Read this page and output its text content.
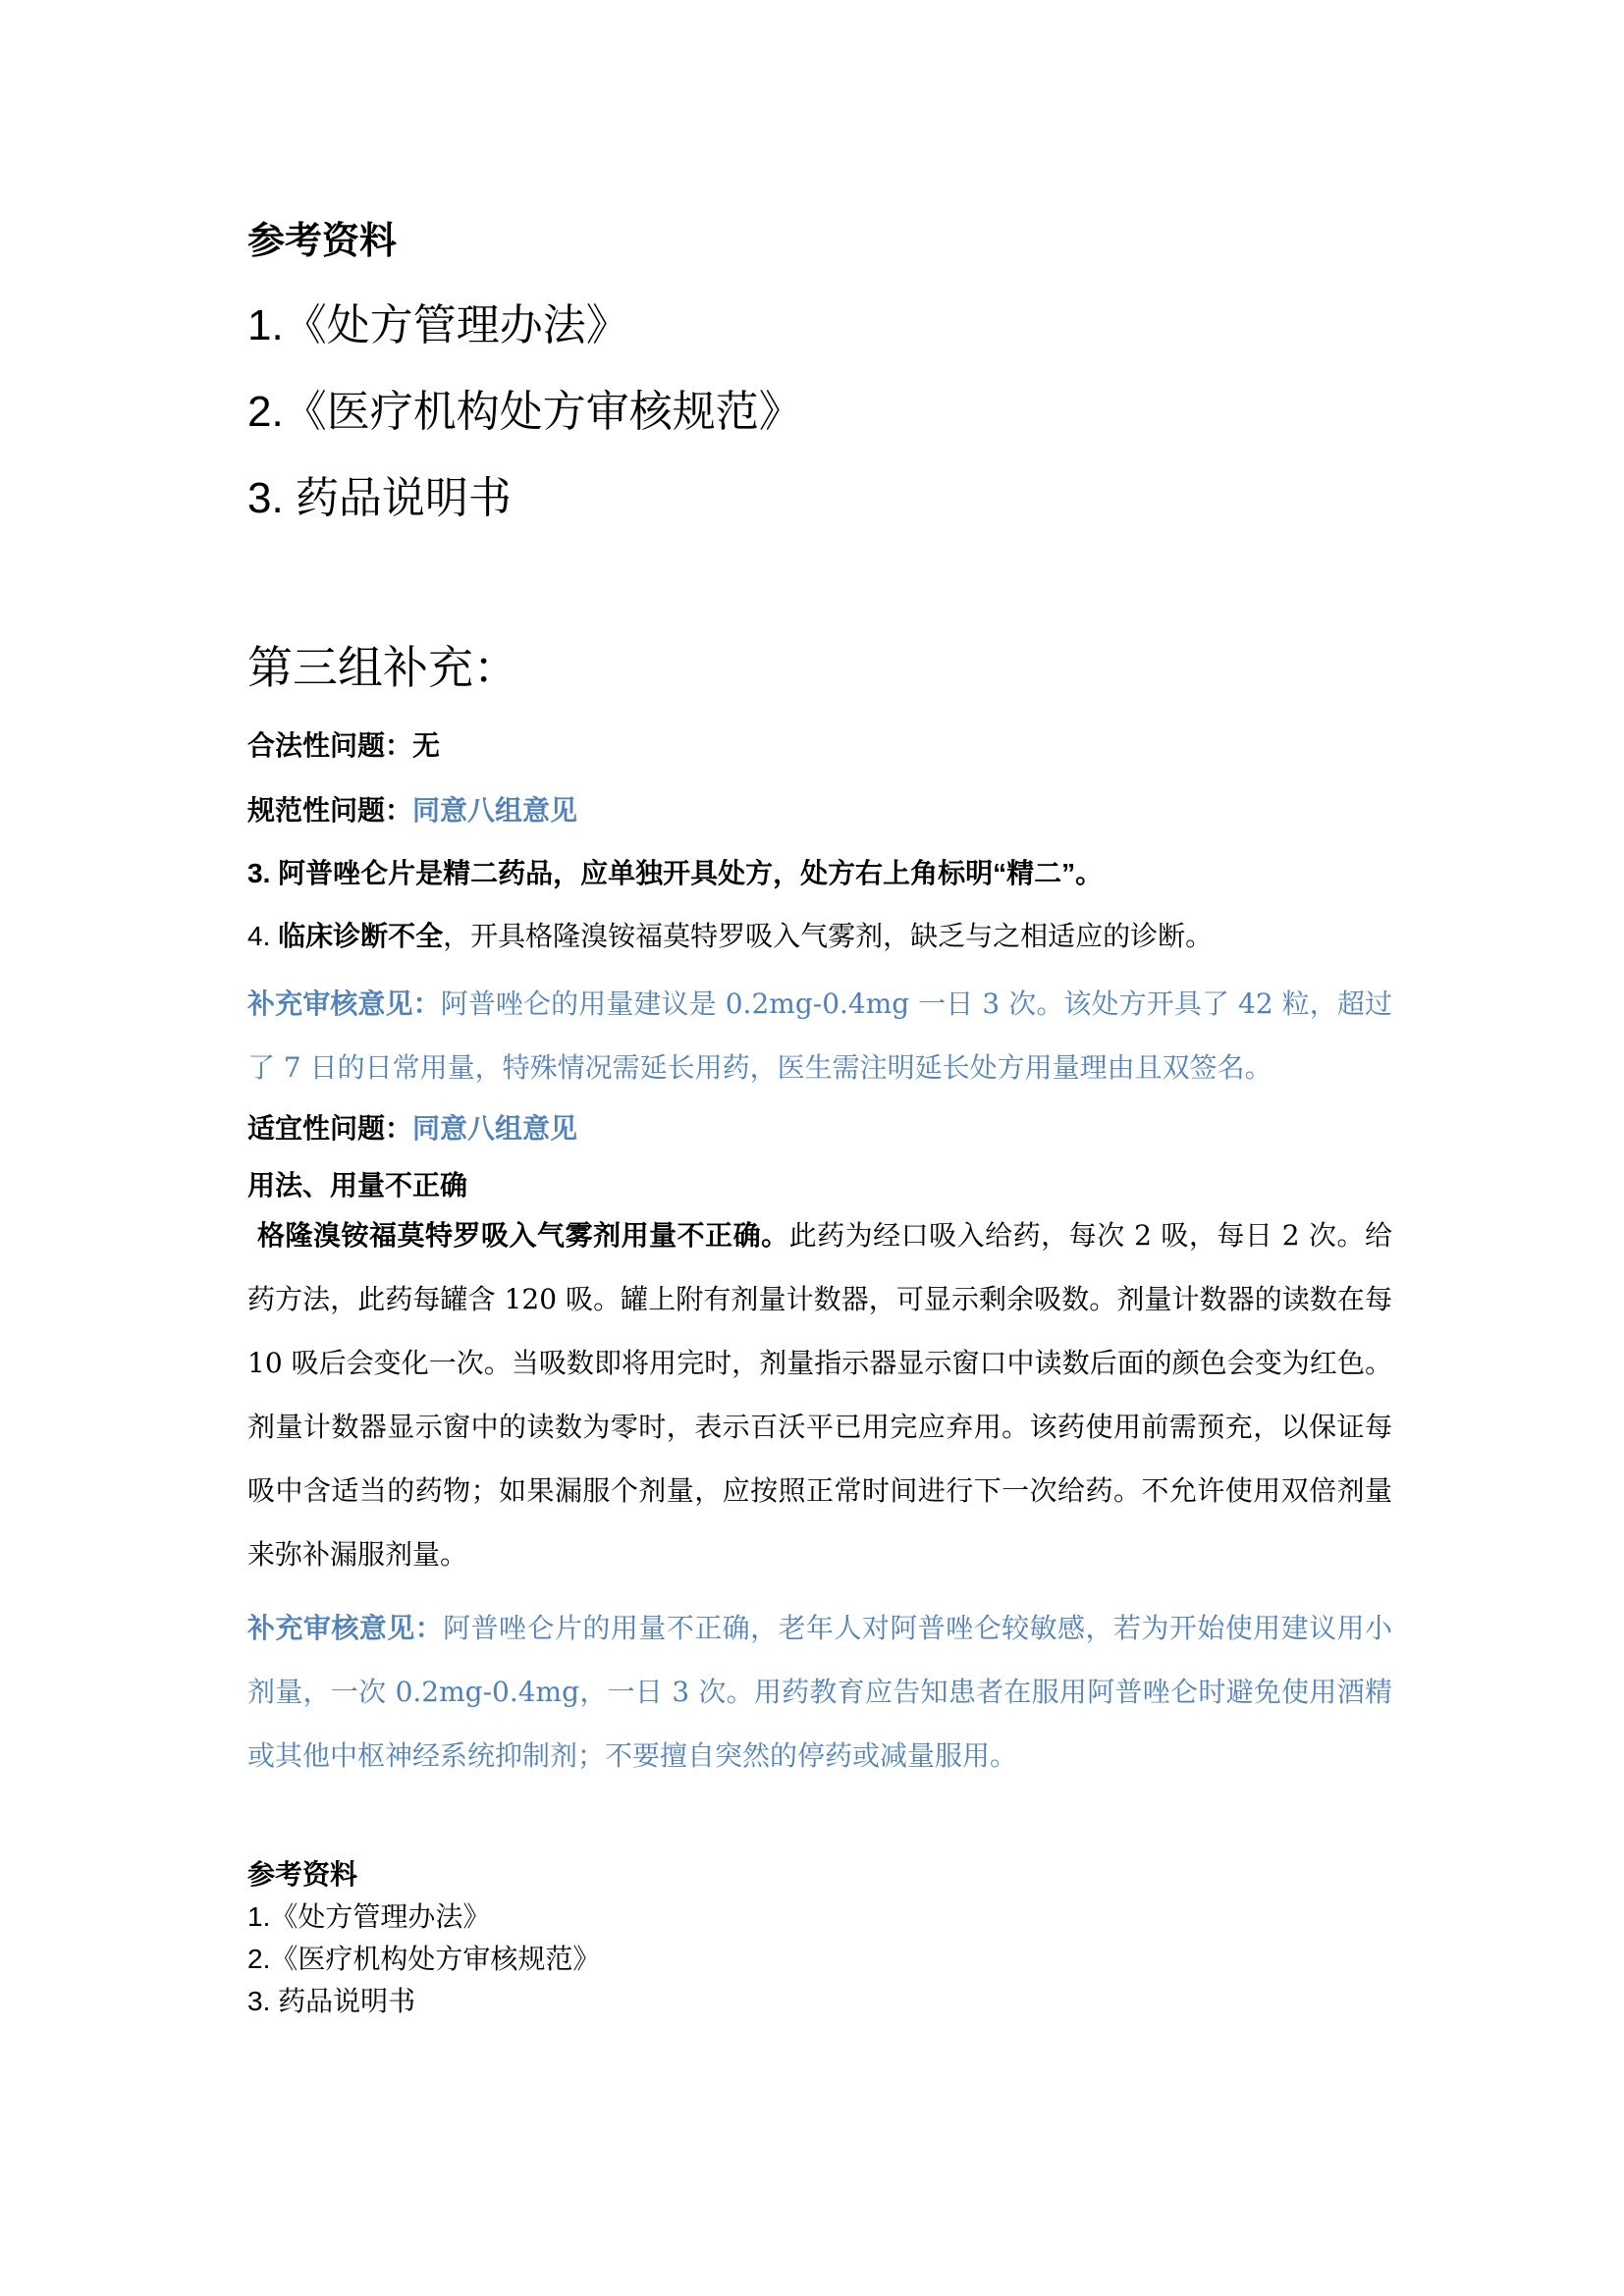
参考资料
1.《处方管理办法》
2.《医疗机构处方审核规范》
3. 药品说明书
第三组补充：
合法性问题：无
规范性问题：同意八组意见
3. 阿普唑仑片是精二药品，应单独开具处方，处方右上角标明“精二”。
4. 临床诊断不全，开具格隆溴铵福莫特罗吸入气雾剂，缺乏与之相适应的诊断。

补充审核意见：阿普唑仑的用量建议是 0.2mg-0.4mg 一日 3 次。该处方开具了 42 粒，超过了 7 日的日常用量，特殊情况需延长用药，医生需注明延长处方用量理由且双签名。

适宜性问题：同意八组意见
用法、用量不正确

格隆溴铵福莫特罗吸入气雾剂用量不正确。此药为经口吸入给药，每次 2 吸，每日 2 次。给药方法，此药每罐含 120 吸。罐上附有剂量计数器，可显示剩余吸数。剂量计数器的读数在每 10 吸后会变化一次。当吸数即将用完时，剂量指示器显示窗口中读数后面的颜色会变为红色。剂量计数器显示窗中的读数为零时，表示百沃平已用完应弃用。该药使用前需预充，以保证每吸中含适当的药物；如果漏服个剂量，应按照正常时间进行下一次给药。不允许使用双倍剂量来弥补漏服剂量。

补充审核意见：阿普唑仑片的用量不正确，老年人对阿普唑仑较敏感，若为开始使用建议用小剂量，一次 0.2mg-0.4mg，一日 3 次。用药教育应告知患者在服用阿普唑仑时避免使用酒精或其他中枢神经系统抑制剂；不要擅自突然的停药或减量服用。

参考资料
1.《处方管理办法》
2.《医疗机构处方审核规范》
3. 药品说明书
